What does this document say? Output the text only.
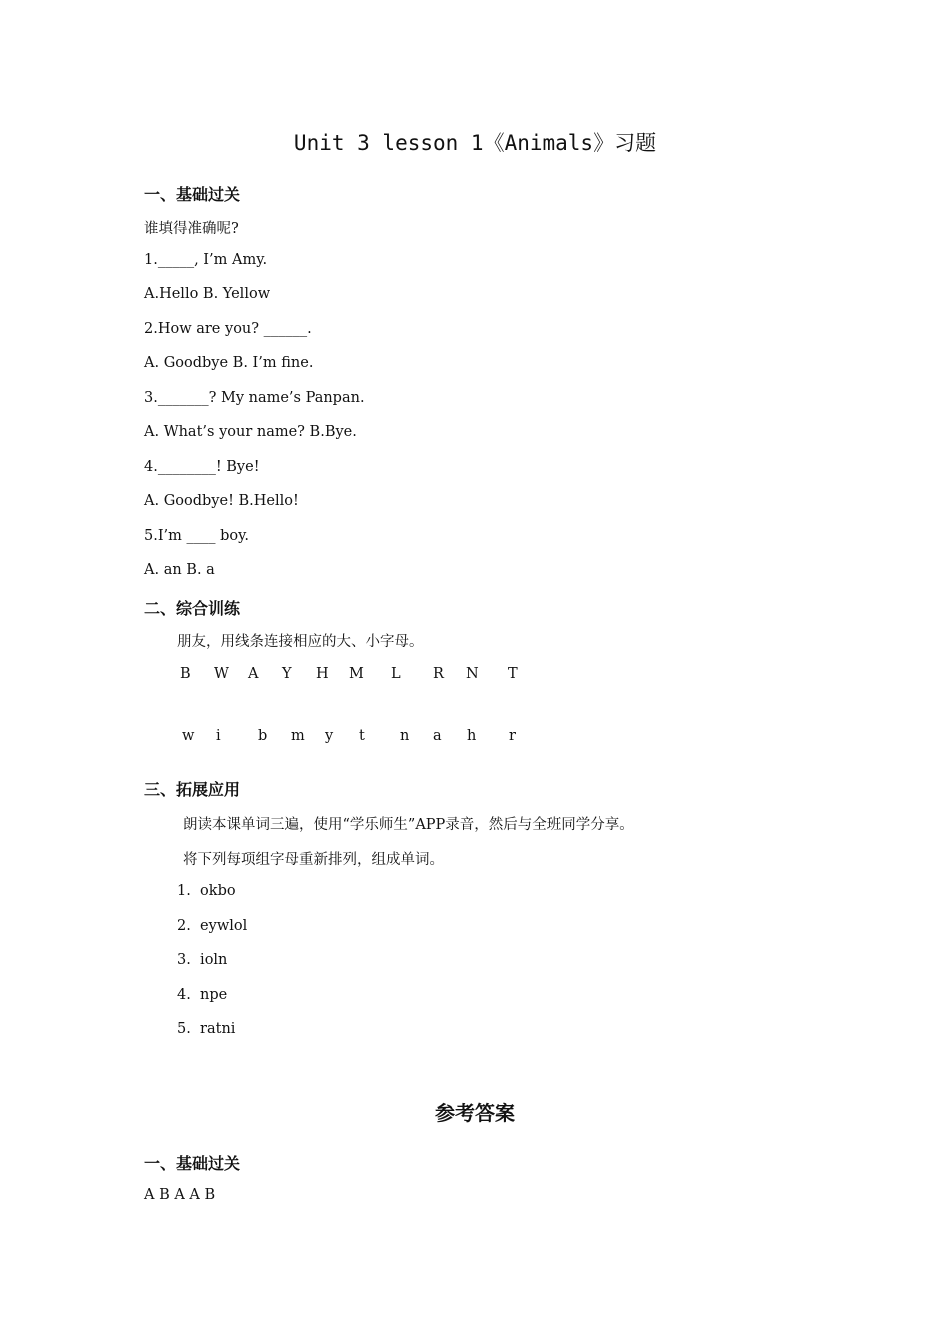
Unit 3 lesson 1《Animals》习题
一、基础过关
谁填得准确呢?
1._____, I’m Amy.
A.Hello B. Yellow
2.How are you? ______.
A. Goodbye B. I’m fine.
3._______? My name’s Panpan.
A. What’s your name? B.Bye.
4.________! Bye!
A. Goodbye! B.Hello!
5.I’m ____ boy.
A. an B. a
二、综合训练
朋友，用线条连接相应的大、小字母。
B W A Y H M L R N T
w i	b m y t n a h r
三、拓展应用
朗读本课单词三遍，使用“学乐师生”APP录音，然后与全班同学分享。
将下列每项组字母重新排列，组成单词。
1.  okbo
2.  eywlol
3.  ioln
4.  npe
5.  ratni
参考答案
一、基础过关
A B A A B
